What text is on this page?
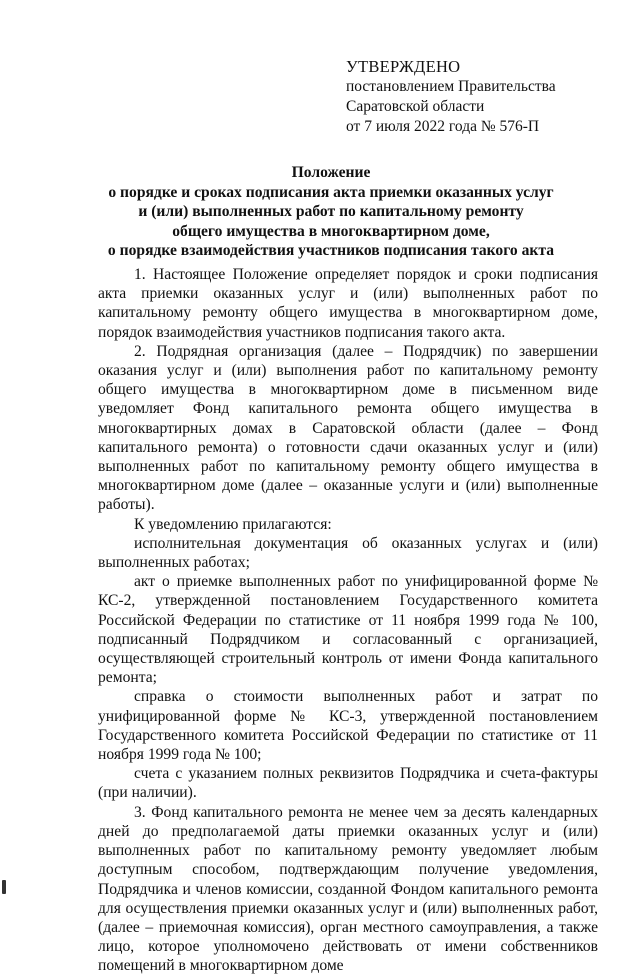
УТВЕРЖДЕНО
постановлением Правительства
Саратовской области
от 7 июля 2022 года № 576-П
Положение
о порядке и сроках подписания акта приемки оказанных услуг
и (или) выполненных работ по капитальному ремонту
общего имущества в многоквартирном доме,
о порядке взаимодействия участников подписания такого акта

1. Настоящее Положение определяет порядок и сроки подписания акта приемки оказанных услуг и (или) выполненных работ по капитальному ремонту общего имущества в многоквартирном доме, порядок взаимодействия участников подписания такого акта.

2. Подрядная организация (далее – Подрядчик) по завершении оказания услуг и (или) выполнения работ по капитальному ремонту общего имущества в многоквартирном доме в письменном виде уведомляет Фонд капитального ремонта общего имущества в многоквартирных домах в Саратовской области (далее – Фонд капитального ремонта) о готовности сдачи оказанных услуг и (или) выполненных работ по капитальному ремонту общего имущества в многоквартирном доме (далее – оказанные услуги и (или) выполненные работы).

К уведомлению прилагаются:

исполнительная документация об оказанных услугах и (или) выполненных работах;

акт о приемке выполненных работ по унифицированной форме № КС-2, утвержденной постановлением Государственного комитета Российской Федерации по статистике от 11 ноября 1999 года № 100, подписанный Подрядчиком и согласованный с организацией, осуществляющей строительный контроль от имени Фонда капитального ремонта;

справка о стоимости выполненных работ и затрат по унифицированной форме № КС-3, утвержденной постановлением Государственного комитета Российской Федерации по статистике от 11 ноября 1999 года № 100;

счета с указанием полных реквизитов Подрядчика и счета-фактуры (при наличии).

3. Фонд капитального ремонта не менее чем за десять календарных дней до предполагаемой даты приемки оказанных услуг и (или) выполненных работ по капитальному ремонту уведомляет любым доступным способом, подтверждающим получение уведомления, Подрядчика и членов комиссии, созданной Фондом капитального ремонта для осуществления приемки оказанных услуг и (или) выполненных работ, (далее – приемочная комиссия), орган местного самоуправления, а также лицо, которое уполномочено действовать от имени собственников помещений в многоквартирном доме
